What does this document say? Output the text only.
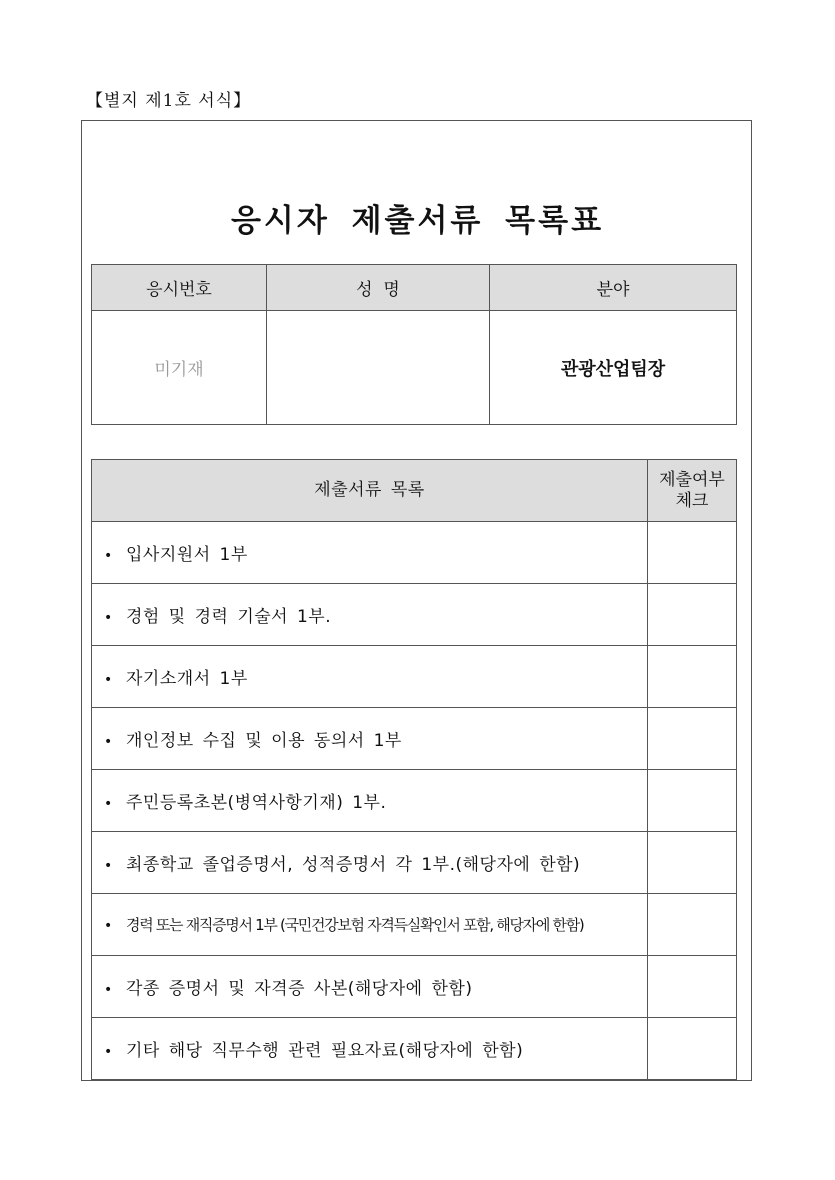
【별지 제1호 서식】
응시자 제출서류 목록표
응시번호	성  명	분야
미기재		관광산업팀장
제출서류 목록	제출여부
체크
• 입사지원서 1부	
• 경험 및 경력 기술서 1부.	
• 자기소개서 1부	
• 개인정보 수집 및 이용 동의서 1부	
• 주민등록초본(병역사항기재) 1부.	
• 최종학교 졸업증명서, 성적증명서 각 1부.(해당자에 한함)	
• 경력 또는 재직증명서 1부 (국민건강보험 자격득실확인서 포함, 해당자에 한함)	
• 각종 증명서 및 자격증 사본(해당자에 한함)	
• 기타 해당 직무수행 관련 필요자료(해당자에 한함)	
